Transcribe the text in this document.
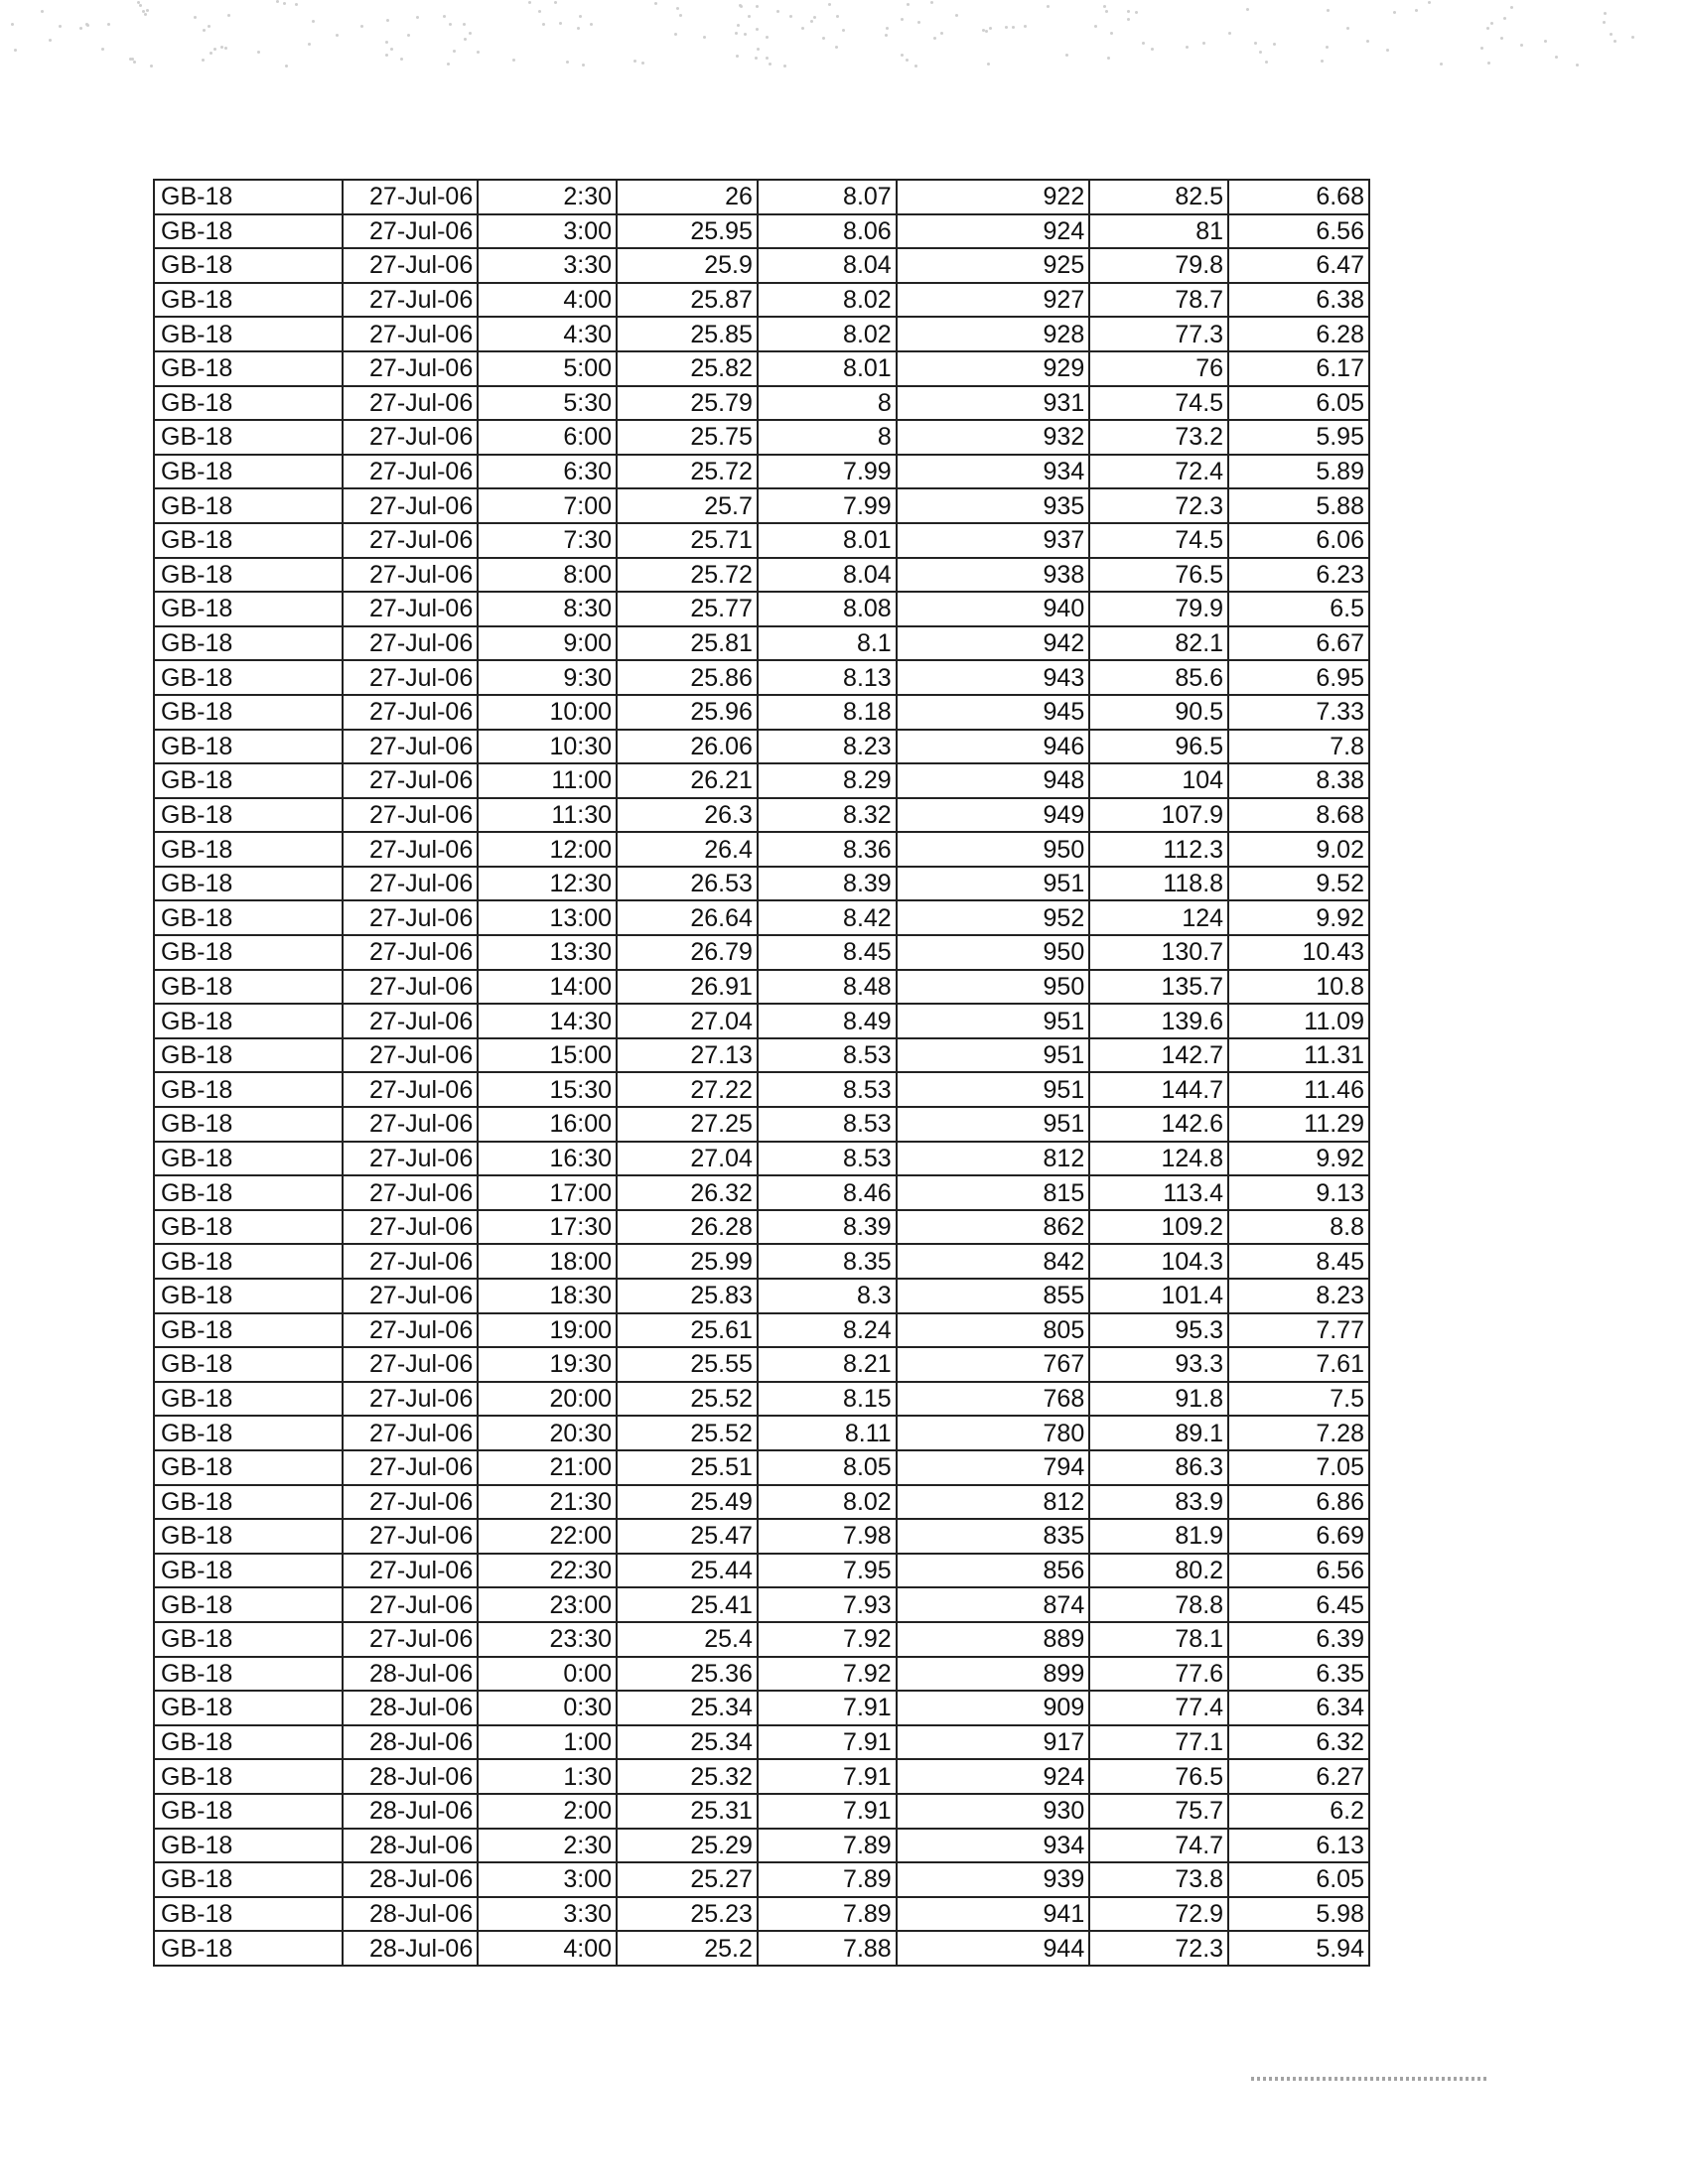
GB-18	27-Jul-06	2:30	26	8.07	922	82.5	6.68
GB-18	27-Jul-06	3:00	25.95	8.06	924	81	6.56
GB-18	27-Jul-06	3:30	25.9	8.04	925	79.8	6.47
GB-18	27-Jul-06	4:00	25.87	8.02	927	78.7	6.38
GB-18	27-Jul-06	4:30	25.85	8.02	928	77.3	6.28
GB-18	27-Jul-06	5:00	25.82	8.01	929	76	6.17
GB-18	27-Jul-06	5:30	25.79	8	931	74.5	6.05
GB-18	27-Jul-06	6:00	25.75	8	932	73.2	5.95
GB-18	27-Jul-06	6:30	25.72	7.99	934	72.4	5.89
GB-18	27-Jul-06	7:00	25.7	7.99	935	72.3	5.88
GB-18	27-Jul-06	7:30	25.71	8.01	937	74.5	6.06
GB-18	27-Jul-06	8:00	25.72	8.04	938	76.5	6.23
GB-18	27-Jul-06	8:30	25.77	8.08	940	79.9	6.5
GB-18	27-Jul-06	9:00	25.81	8.1	942	82.1	6.67
GB-18	27-Jul-06	9:30	25.86	8.13	943	85.6	6.95
GB-18	27-Jul-06	10:00	25.96	8.18	945	90.5	7.33
GB-18	27-Jul-06	10:30	26.06	8.23	946	96.5	7.8
GB-18	27-Jul-06	11:00	26.21	8.29	948	104	8.38
GB-18	27-Jul-06	11:30	26.3	8.32	949	107.9	8.68
GB-18	27-Jul-06	12:00	26.4	8.36	950	112.3	9.02
GB-18	27-Jul-06	12:30	26.53	8.39	951	118.8	9.52
GB-18	27-Jul-06	13:00	26.64	8.42	952	124	9.92
GB-18	27-Jul-06	13:30	26.79	8.45	950	130.7	10.43
GB-18	27-Jul-06	14:00	26.91	8.48	950	135.7	10.8
GB-18	27-Jul-06	14:30	27.04	8.49	951	139.6	11.09
GB-18	27-Jul-06	15:00	27.13	8.53	951	142.7	11.31
GB-18	27-Jul-06	15:30	27.22	8.53	951	144.7	11.46
GB-18	27-Jul-06	16:00	27.25	8.53	951	142.6	11.29
GB-18	27-Jul-06	16:30	27.04	8.53	812	124.8	9.92
GB-18	27-Jul-06	17:00	26.32	8.46	815	113.4	9.13
GB-18	27-Jul-06	17:30	26.28	8.39	862	109.2	8.8
GB-18	27-Jul-06	18:00	25.99	8.35	842	104.3	8.45
GB-18	27-Jul-06	18:30	25.83	8.3	855	101.4	8.23
GB-18	27-Jul-06	19:00	25.61	8.24	805	95.3	7.77
GB-18	27-Jul-06	19:30	25.55	8.21	767	93.3	7.61
GB-18	27-Jul-06	20:00	25.52	8.15	768	91.8	7.5
GB-18	27-Jul-06	20:30	25.52	8.11	780	89.1	7.28
GB-18	27-Jul-06	21:00	25.51	8.05	794	86.3	7.05
GB-18	27-Jul-06	21:30	25.49	8.02	812	83.9	6.86
GB-18	27-Jul-06	22:00	25.47	7.98	835	81.9	6.69
GB-18	27-Jul-06	22:30	25.44	7.95	856	80.2	6.56
GB-18	27-Jul-06	23:00	25.41	7.93	874	78.8	6.45
GB-18	27-Jul-06	23:30	25.4	7.92	889	78.1	6.39
GB-18	28-Jul-06	0:00	25.36	7.92	899	77.6	6.35
GB-18	28-Jul-06	0:30	25.34	7.91	909	77.4	6.34
GB-18	28-Jul-06	1:00	25.34	7.91	917	77.1	6.32
GB-18	28-Jul-06	1:30	25.32	7.91	924	76.5	6.27
GB-18	28-Jul-06	2:00	25.31	7.91	930	75.7	6.2
GB-18	28-Jul-06	2:30	25.29	7.89	934	74.7	6.13
GB-18	28-Jul-06	3:00	25.27	7.89	939	73.8	6.05
GB-18	28-Jul-06	3:30	25.23	7.89	941	72.9	5.98
GB-18	28-Jul-06	4:00	25.2	7.88	944	72.3	5.94
